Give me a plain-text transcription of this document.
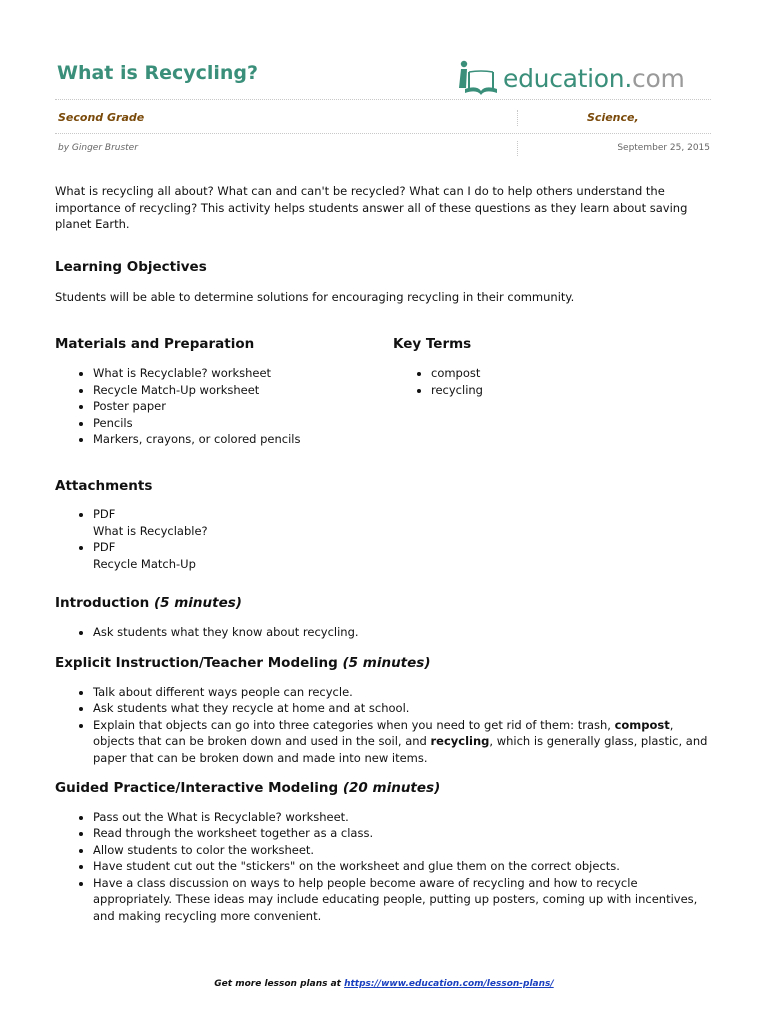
What is Recycling?	education.com
Second Grade	Science,
by Ginger Bruster	September 25, 2015

What is recycling all about? What can and can't be recycled? What can I do to help others understand the importance of recycling? This activity helps students answer all of these questions as they learn about saving planet Earth.

Learning Objectives

Students will be able to determine solutions for encouraging recycling in their community.

Materials and Preparation
• What is Recyclable? worksheet
• Recycle Match-Up worksheet
• Poster paper
• Pencils
• Markers, crayons, or colored pencils
Key Terms
• compost
• recycling
Attachments
• PDF
What is Recyclable?
• PDF
Recycle Match-Up
Introduction (5 minutes)
• Ask students what they know about recycling.
Explicit Instruction/Teacher Modeling (5 minutes)
• Talk about different ways people can recycle.
• Ask students what they recycle at home and at school.
• Explain that objects can go into three categories when you need to get rid of them: trash, compost, objects that can be broken down and used in the soil, and recycling, which is generally glass, plastic, and paper that can be broken down and made into new items.
Guided Practice/Interactive Modeling (20 minutes)
• Pass out the What is Recyclable? worksheet.
• Read through the worksheet together as a class.
• Allow students to color the worksheet.
• Have student cut out the "stickers" on the worksheet and glue them on the correct objects.
• Have a class discussion on ways to help people become aware of recycling and how to recycle appropriately. These ideas may include educating people, putting up posters, coming up with incentives, and making recycling more convenient.
Get more lesson plans at https://www.education.com/lesson-plans/
